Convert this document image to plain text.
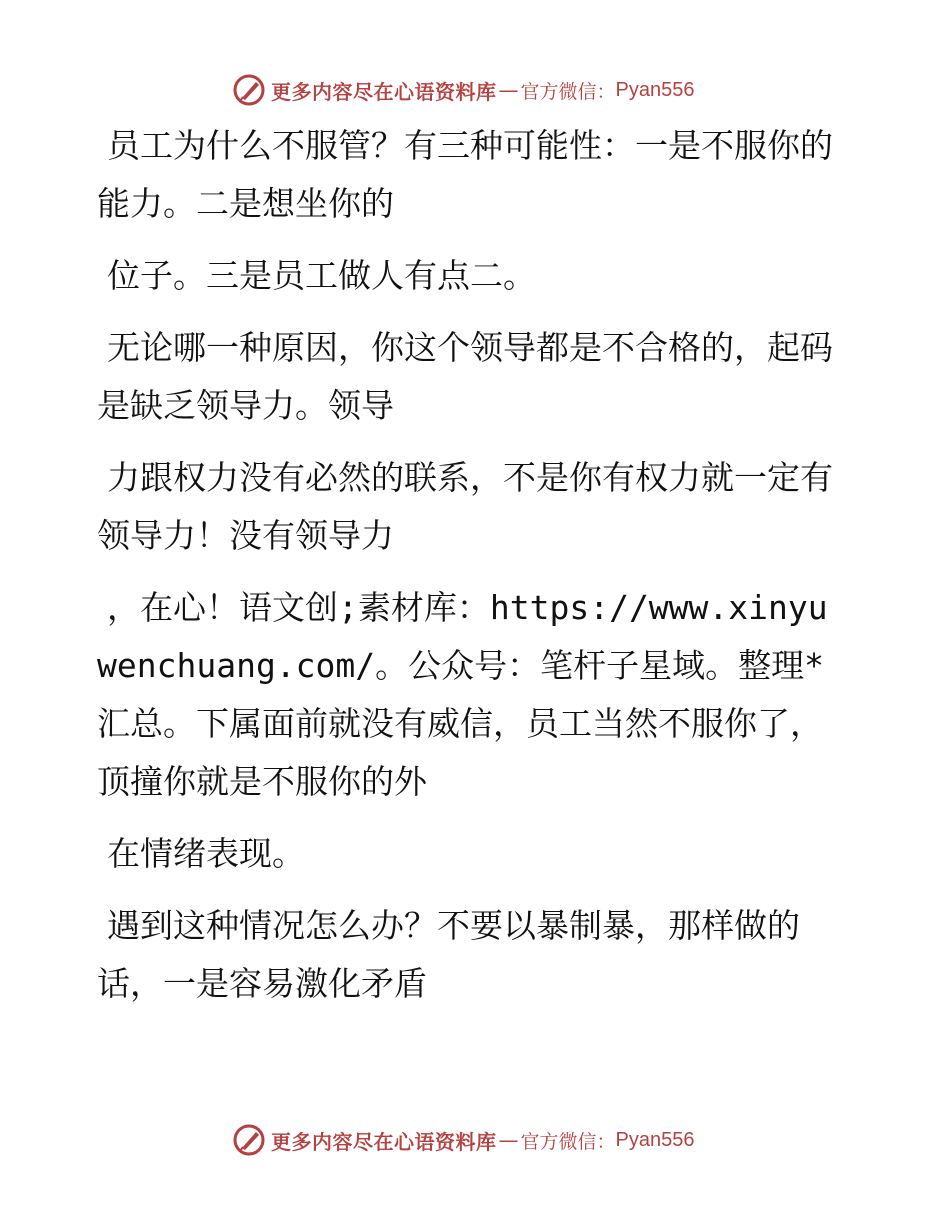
更多内容尽在心语资料库 — 官方微信： Pyan556

员工为什么不服管？有三种可能性：一是不服你的能力。二是想坐你的

位子。三是员工做人有点二。

无论哪一种原因，你这个领导都是不合格的，起码是缺乏领导力。领导

力跟权力没有必然的联系，不是你有权力就一定有领导力！没有领导力

，在心！语文创;素材库：https://www.xinyuwenchuang.com/。公众号：笔杆子星域。整理*汇总。下属面前就没有威信，员工当然不服你了，顶撞你就是不服你的外

在情绪表现。

遇到这种情况怎么办？不要以暴制暴，那样做的话，一是容易激化矛盾

更多内容尽在心语资料库 — 官方微信： Pyan556
